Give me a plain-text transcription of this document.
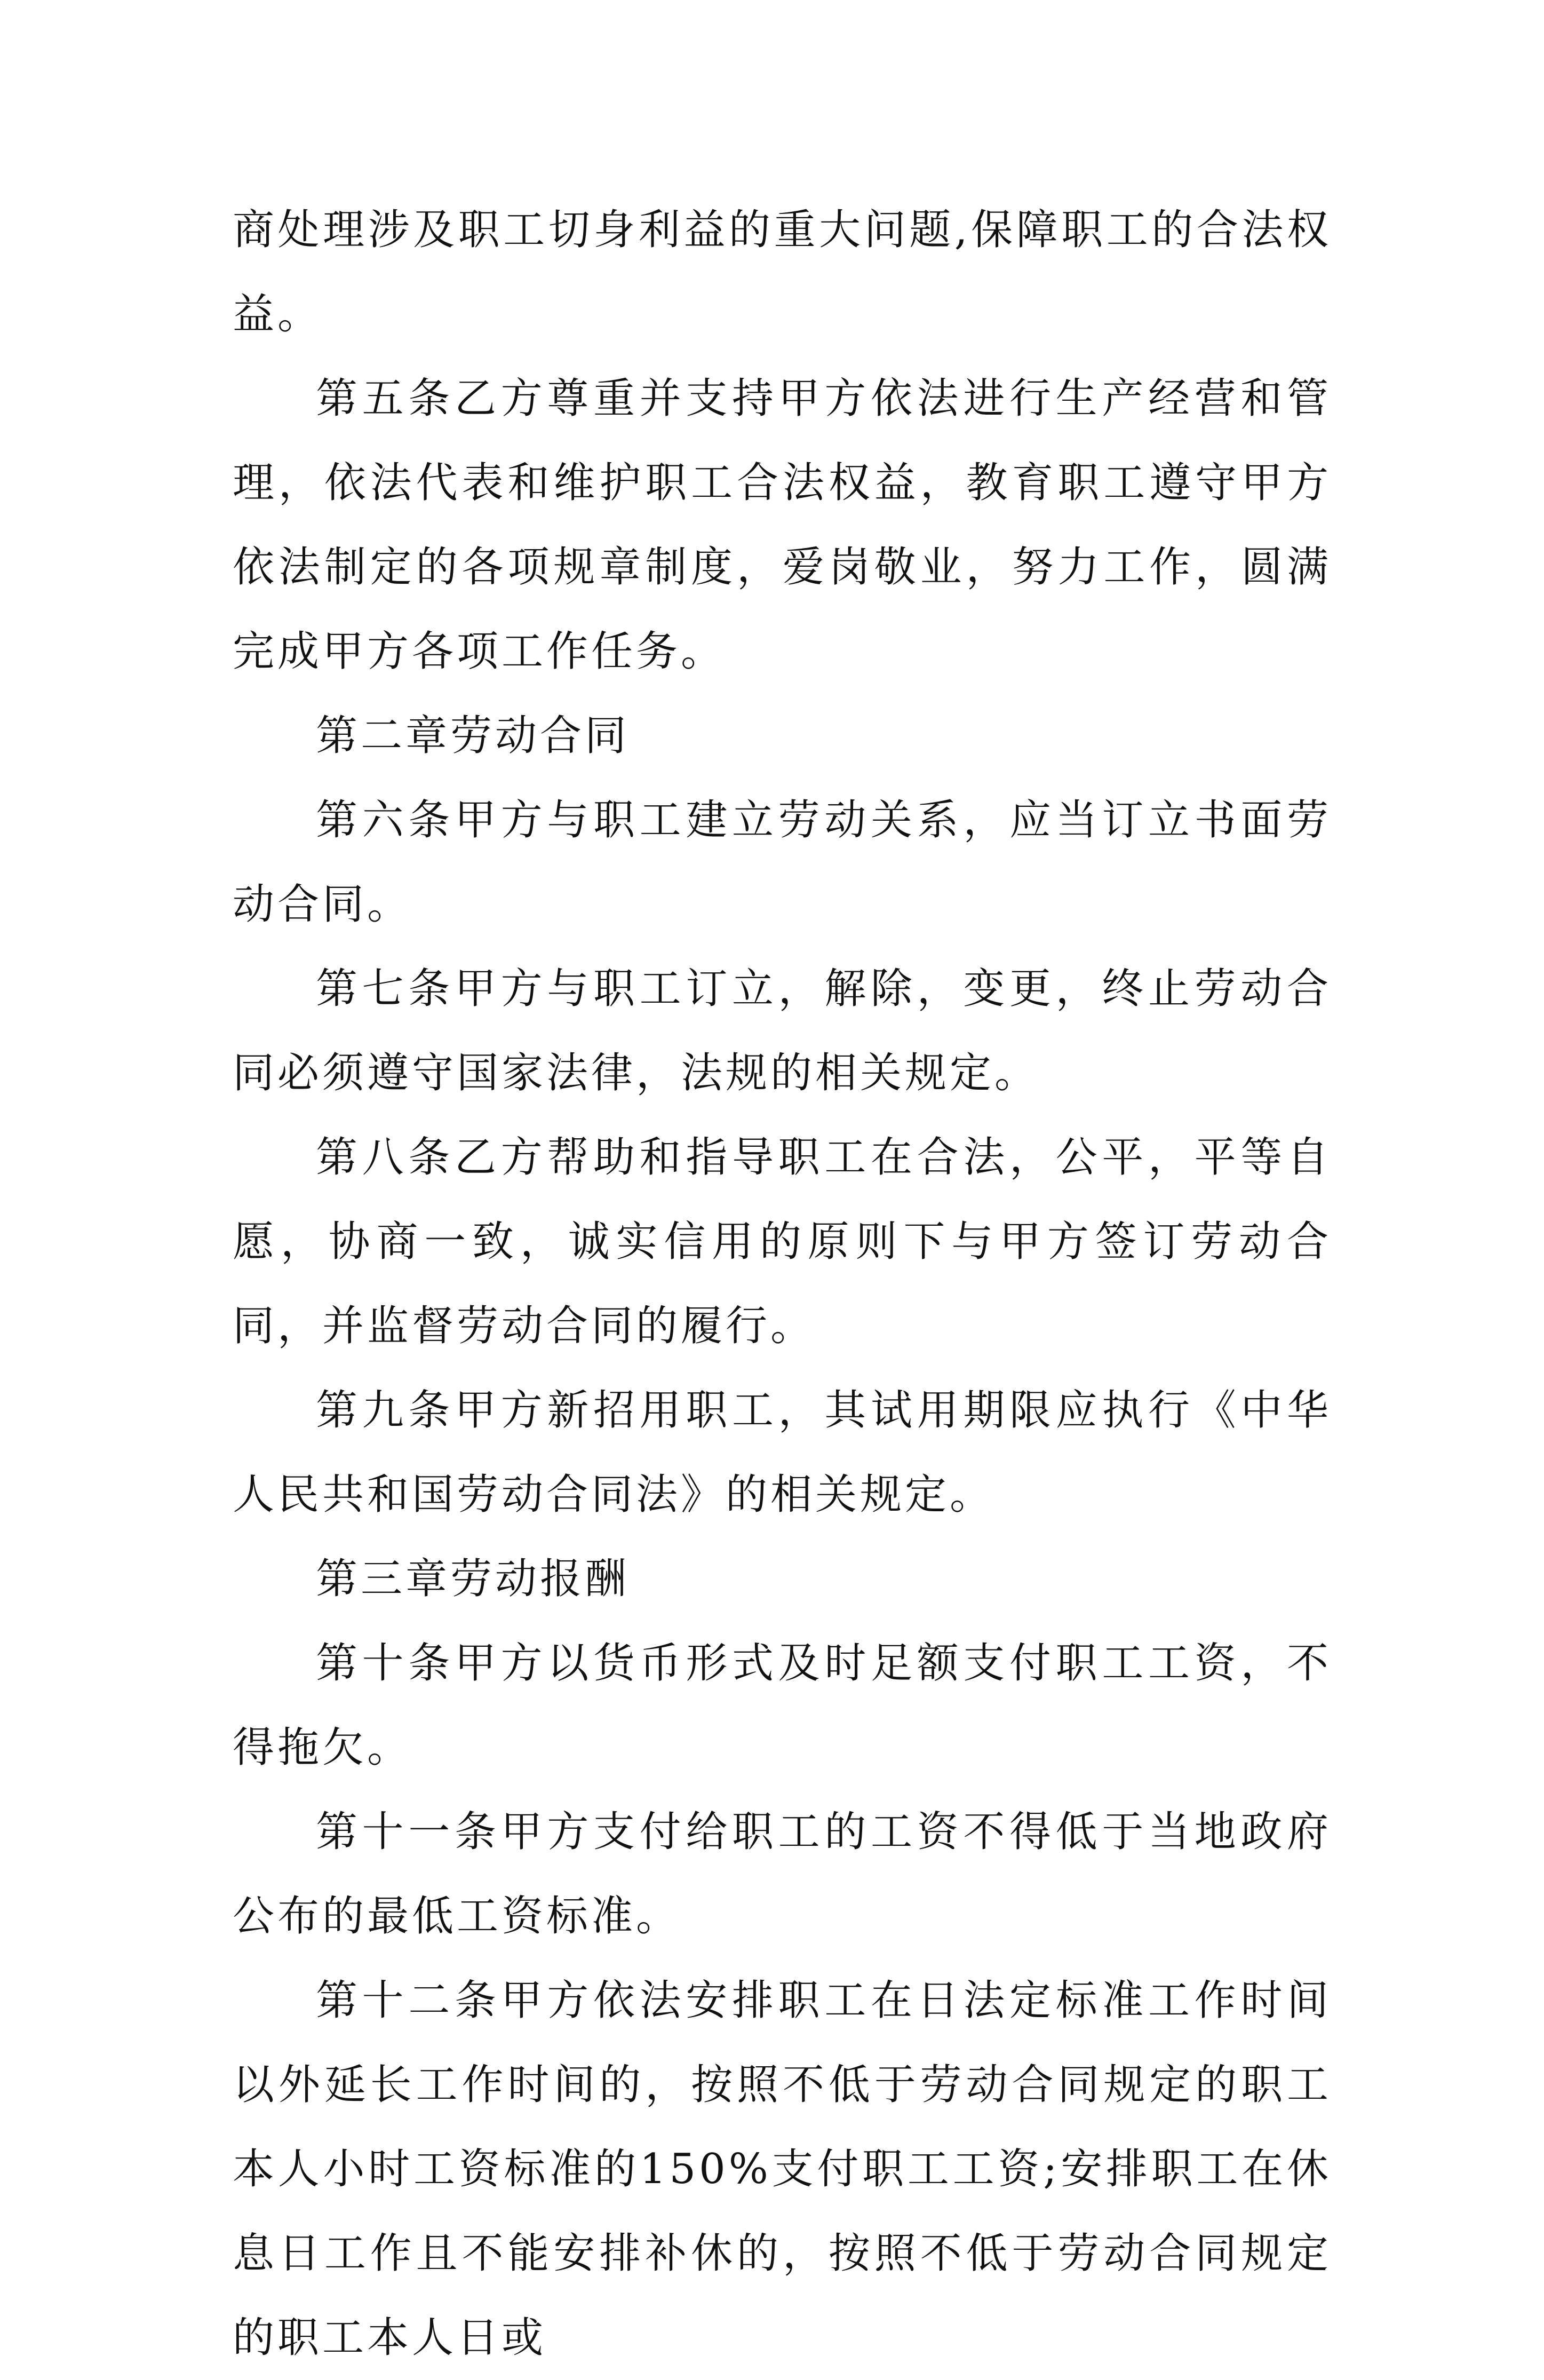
商处理涉及职工切身利益的重大问题,保障职工的合法权益。

第五条乙方尊重并支持甲方依法进行生产经营和管理，依法代表和维护职工合法权益，教育职工遵守甲方依法制定的各项规章制度，爱岗敬业，努力工作，圆满完成甲方各项工作任务。

第二章劳动合同

第六条甲方与职工建立劳动关系，应当订立书面劳动合同。

第七条甲方与职工订立，解除，变更，终止劳动合同必须遵守国家法律，法规的相关规定。

第八条乙方帮助和指导职工在合法，公平，平等自愿，协商一致，诚实信用的原则下与甲方签订劳动合同，并监督劳动合同的履行。

第九条甲方新招用职工，其试用期限应执行《中华人民共和国劳动合同法》的相关规定。

第三章劳动报酬

第十条甲方以货币形式及时足额支付职工工资，不得拖欠。

第十一条甲方支付给职工的工资不得低于当地政府公布的最低工资标准。

第十二条甲方依法安排职工在日法定标准工作时间以外延长工作时间的，按照不低于劳动合同规定的职工本人小时工资标准的150%支付职工工资;安排职工在休息日工作且不能安排补休的，按照不低于劳动合同规定的职工本人日或
